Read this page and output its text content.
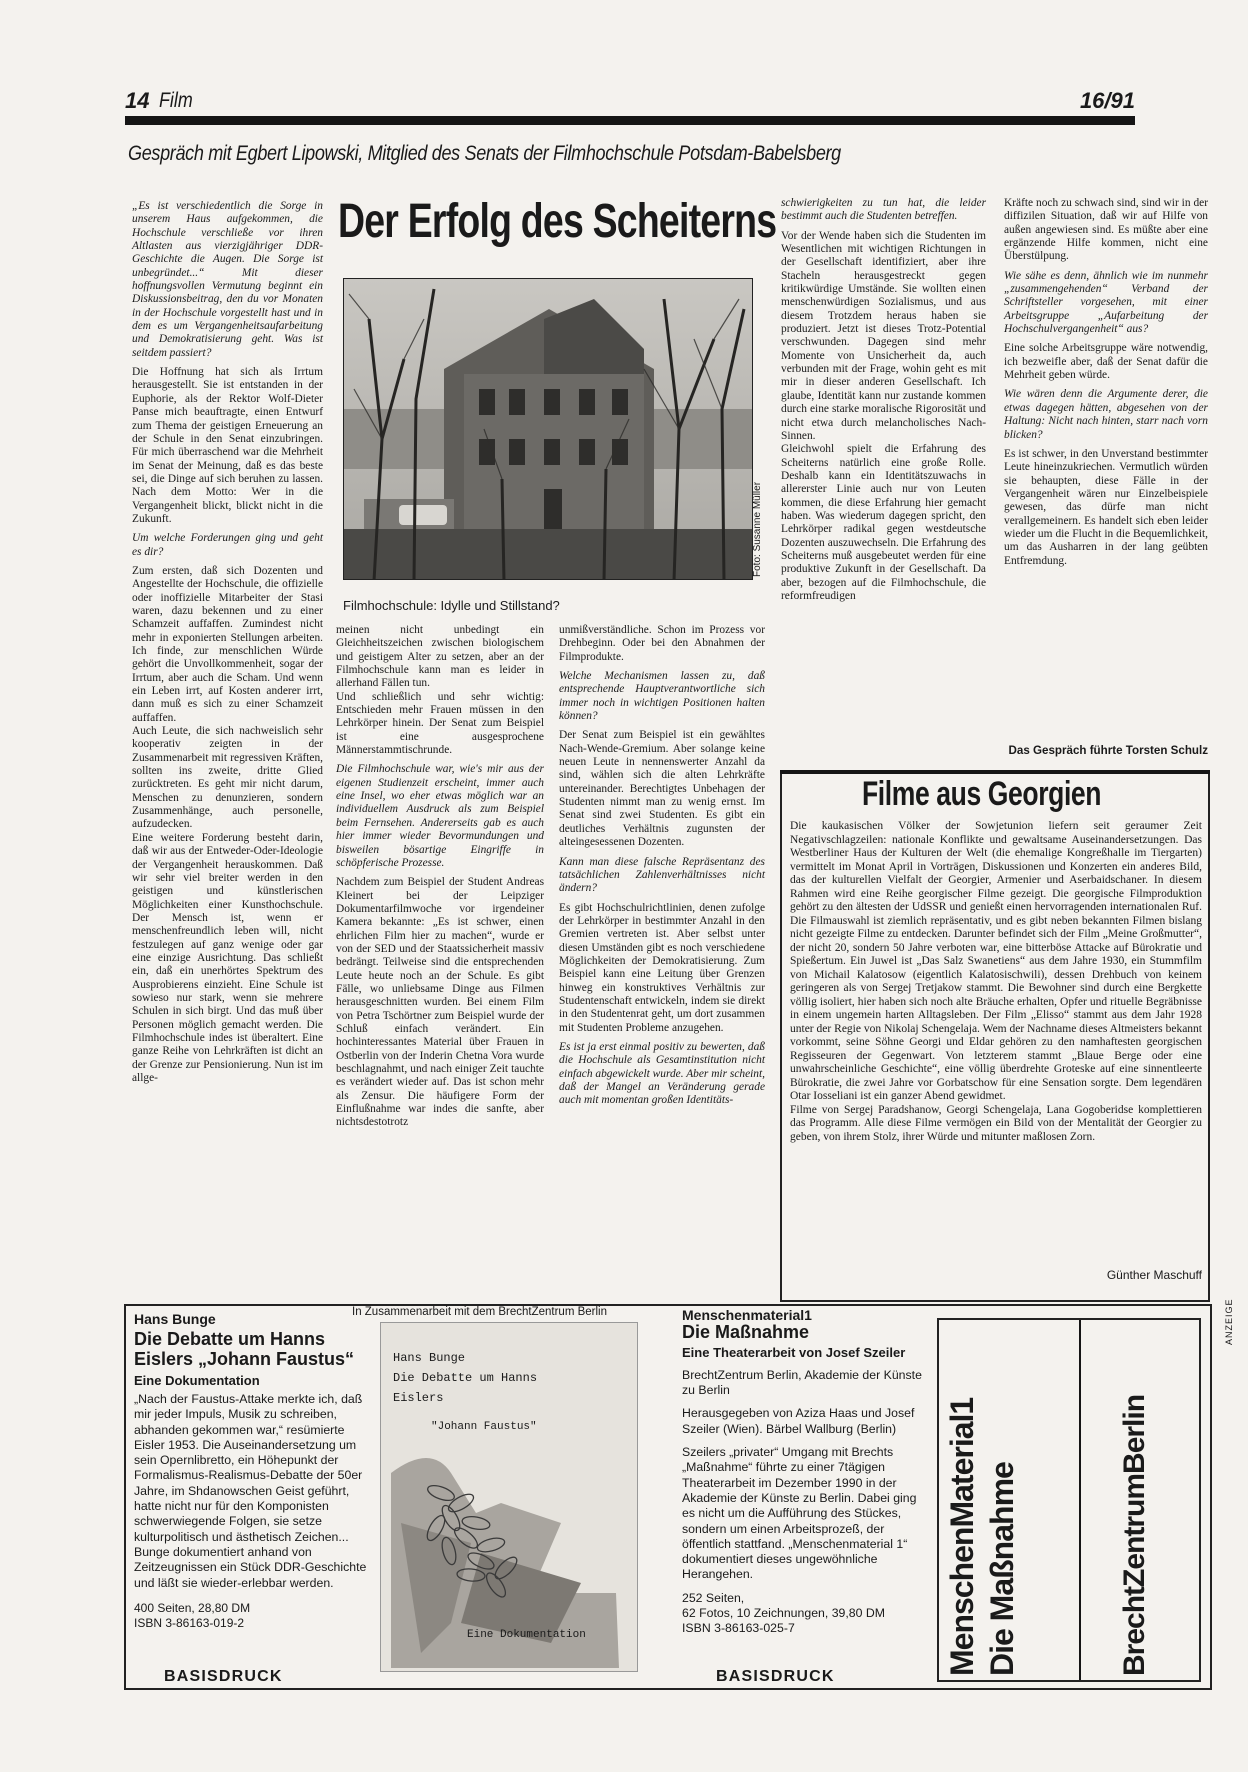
14 Film	16/91
Gespräch mit Egbert Lipowski, Mitglied des Senats der Filmhochschule Potsdam-Babelsberg
Der Erfolg des Scheiterns

„Es ist verschiedentlich die Sorge in unserem Haus aufgekommen, die Hochschule verschließe vor ihren Altlasten aus vierzigjähriger DDR-Geschichte die Augen. Die Sorge ist unbegründet...“ Mit dieser hoffnungsvollen Vermutung beginnt ein Diskussionsbeitrag, den du vor Monaten in der Hochschule vorgestellt hast und in dem es um Vergangenheitsaufarbeitung und Demokratisierung geht. Was ist seitdem passiert?

Die Hoffnung hat sich als Irrtum herausgestellt. Sie ist entstanden in der Euphorie, als der Rektor Wolf-Dieter Panse mich beauftragte, einen Entwurf zum Thema der geistigen Erneuerung an der Schule in den Senat einzubringen. Für mich überraschend war die Mehrheit im Senat der Meinung, daß es das beste sei, die Dinge auf sich beruhen zu lassen. Nach dem Motto: Wer in die Vergangenheit blickt, blickt nicht in die Zukunft.

Um welche Forderungen ging und geht es dir?

Zum ersten, daß sich Dozenten und Angestellte der Hochschule, die offizielle oder inoffizielle Mitarbeiter der Stasi waren, dazu bekennen und zu einer Schamzeit auffaffen. Zumindest nicht mehr in exponierten Stellungen arbeiten. Ich finde, zur menschlichen Würde gehört die Unvollkommenheit, sogar der Irrtum, aber auch die Scham. Und wenn ein Leben irrt, auf Kosten anderer irrt, dann muß es sich zu einer Schamzeit auffaffen.

Auch Leute, die sich nachweislich sehr kooperativ zeigten in der Zusammenarbeit mit regressiven Kräften, sollten ins zweite, dritte Glied zurücktreten. Es geht mir nicht darum, Menschen zu denunzieren, sondern Zusammenhänge, auch personelle, aufzudecken.

Eine weitere Forderung besteht darin, daß wir aus der Entweder-Oder-Ideologie der Vergangenheit herauskommen. Daß wir sehr viel breiter werden in den geistigen und künstlerischen Möglichkeiten einer Kunsthochschule. Der Mensch ist, wenn er menschenfreundlich leben will, nicht festzulegen auf ganz wenige oder gar eine einzige Ausrichtung. Das schließt ein, daß ein unerhörtes Spektrum des Ausprobierens einzieht. Eine Schule ist sowieso nur stark, wenn sie mehrere Schulen in sich birgt. Und das muß über Personen möglich gemacht werden. Die Filmhochschule indes ist überaltert. Eine ganze Reihe von Lehrkräften ist dicht an der Grenze zur Pensionierung. Nun ist im allge-

Foto: Susanne Müller
Filmhochschule: Idylle und Stillstand?

meinen nicht unbedingt ein Gleichheitszeichen zwischen biologischem und geistigem Alter zu setzen, aber an der Filmhochschule kann man es leider in allerhand Fällen tun.

Und schließlich und sehr wichtig: Entschieden mehr Frauen müssen in den Lehrkörper hinein. Der Senat zum Beispiel ist eine ausgesprochene Männerstammtischrunde.

Die Filmhochschule war, wie's mir aus der eigenen Studienzeit erscheint, immer auch eine Insel, wo eher etwas möglich war an individuellem Ausdruck als zum Beispiel beim Fernsehen. Andererseits gab es auch hier immer wieder Bevormundungen und bisweilen bösartige Eingriffe in schöpferische Prozesse.

Nachdem zum Beispiel der Student Andreas Kleinert bei der Leipziger Dokumentarfilmwoche vor irgendeiner Kamera bekannte: „Es ist schwer, einen ehrlichen Film hier zu machen“, wurde er von der SED und der Staatssicherheit massiv bedrängt. Teilweise sind die entsprechenden Leute heute noch an der Schule. Es gibt Fälle, wo unliebsame Dinge aus Filmen herausgeschnitten wurden. Bei einem Film von Petra Tschörtner zum Beispiel wurde der Schluß einfach verändert. Ein hochinteressantes Material über Frauen in Ostberlin von der Inderin Chetna Vora wurde beschlagnahmt, und nach einiger Zeit tauchte es verändert wieder auf. Das ist schon mehr als Zensur. Die häufigere Form der Einflußnahme war indes die sanfte, aber nichtsdestotrotz

unmißverständliche. Schon im Prozess vor Drehbeginn. Oder bei den Abnahmen der Filmprodukte.

Welche Mechanismen lassen zu, daß entsprechende Hauptverantwortliche sich immer noch in wichtigen Positionen halten können?

Der Senat zum Beispiel ist ein gewähltes Nach-Wende-Gremium. Aber solange keine neuen Leute in nennenswerter Anzahl da sind, wählen sich die alten Lehrkräfte untereinander. Berechtigtes Unbehagen der Studenten nimmt man zu wenig ernst. Im Senat sind zwei Studenten. Es gibt ein deutliches Verhältnis zugunsten der alteingesessenen Dozenten.

Kann man diese falsche Repräsentanz des tatsächlichen Zahlenverhältnisses nicht ändern?

Es gibt Hochschulrichtlinien, denen zufolge der Lehrkörper in bestimmter Anzahl in den Gremien vertreten ist. Aber selbst unter diesen Umständen gibt es noch verschiedene Möglichkeiten der Demokratisierung. Zum Beispiel kann eine Leitung über Grenzen hinweg ein konstruktives Verhältnis zur Studentenschaft entwickeln, indem sie direkt in den Studentenrat geht, um dort zusammen mit Studenten Probleme anzugehen.

Es ist ja erst einmal positiv zu bewerten, daß die Hochschule als Gesamtinstitution nicht einfach abgewickelt wurde. Aber mir scheint, daß der Mangel an Veränderung gerade auch mit momentan großen Identitäts-

schwierigkeiten zu tun hat, die leider bestimmt auch die Studenten betreffen.

Vor der Wende haben sich die Studenten im Wesentlichen mit wichtigen Richtungen in der Gesellschaft identifiziert, aber ihre Stacheln herausgestreckt gegen kritikwürdige Umstände. Sie wollten einen menschenwürdigen Sozialismus, und aus diesem Trotzdem heraus haben sie produziert. Jetzt ist dieses Trotz-Potential verschwunden. Dagegen sind mehr Momente von Unsicherheit da, auch verbunden mit der Frage, wohin geht es mit mir in dieser anderen Gesellschaft. Ich glaube, Identität kann nur zustande kommen durch eine starke moralische Rigorosität und nicht etwa durch melancholisches Nach-Sinnen.

Gleichwohl spielt die Erfahrung des Scheiterns natürlich eine große Rolle. Deshalb kann ein Identitätszuwachs in allererster Linie auch nur von Leuten kommen, die diese Erfahrung hier gemacht haben. Was wiederum dagegen spricht, den Lehrkörper radikal gegen westdeutsche Dozenten auszuwechseln. Die Erfahrung des Scheiterns muß ausgebeutet werden für eine produktive Zukunft in der Gesellschaft. Da aber, bezogen auf die Filmhochschule, die reformfreudigen

Kräfte noch zu schwach sind, sind wir in der diffizilen Situation, daß wir auf Hilfe von außen angewiesen sind. Es müßte aber eine ergänzende Hilfe kommen, nicht eine Überstülpung.

Wie sähe es denn, ähnlich wie im nunmehr „zusammengehenden“ Verband der Schriftsteller vorgesehen, mit einer Arbeitsgruppe „Aufarbeitung der Hochschulvergangenheit“ aus?

Eine solche Arbeitsgruppe wäre notwendig, ich bezweifle aber, daß der Senat dafür die Mehrheit geben würde.

Wie wären denn die Argumente derer, die etwas dagegen hätten, abgesehen von der Haltung: Nicht nach hinten, starr nach vorn blicken?

Es ist schwer, in den Unverstand bestimmter Leute hineinzukriechen. Vermutlich würden sie behaupten, diese Fälle in der Vergangenheit wären nur Einzelbeispiele gewesen, das dürfe man nicht verallgemeinern. Es handelt sich eben leider wieder um die Flucht in die Bequemlichkeit, um das Ausharren in der lang geübten Entfremdung.

Das Gespräch führte Torsten Schulz
Filme aus Georgien

Die kaukasischen Völker der Sowjetunion liefern seit geraumer Zeit Negativschlagzeilen: nationale Konflikte und gewaltsame Auseinandersetzungen. Das Westberliner Haus der Kulturen der Welt (die ehemalige Kongreßhalle im Tiergarten) vermittelt im Monat April in Vorträgen, Diskussionen und Konzerten ein anderes Bild, das der kulturellen Vielfalt der Georgier, Armenier und Aserbaidschaner. In diesem Rahmen wird eine Reihe georgischer Filme gezeigt. Die georgische Filmproduktion gehört zu den ältesten der UdSSR und genießt einen hervorragenden internationalen Ruf. Die Filmauswahl ist ziemlich repräsentativ, und es gibt neben bekannten Filmen bislang nicht gezeigte Filme zu entdecken. Darunter befindet sich der Film „Meine Großmutter“, der nicht 20, sondern 50 Jahre verboten war, eine bitterböse Attacke auf Bürokratie und Spießertum. Ein Juwel ist „Das Salz Swanetiens“ aus dem Jahre 1930, ein Stummfilm von Michail Kalatosow (eigentlich Kalatosischwili), dessen Drehbuch von keinem geringeren als von Sergej Tretjakow stammt. Die Bewohner sind durch eine Bergkette völlig isoliert, hier haben sich noch alte Bräuche erhalten, Opfer und rituelle Begräbnisse in einem ungemein harten Alltagsleben. Der Film „Elisso“ stammt aus dem Jahr 1928 unter der Regie von Nikolaj Schengelaja. Wem der Nachname dieses Altmeisters bekannt vorkommt, seine Söhne Georgi und Eldar gehören zu den namhaftesten georgischen Regisseuren der Gegenwart. Von letzterem stammt „Blaue Berge oder eine unwahrscheinliche Geschichte“, eine völlig überdrehte Groteske auf eine sinnentleerte Bürokratie, die zwei Jahre vor Gorbatschow für eine Sensation sorgte. Dem legendären Otar Iosseliani ist ein ganzer Abend gewidmet.

Filme von Sergej Paradshanow, Georgi Schengelaja, Lana Gogoberidse komplettieren das Programm. Alle diese Filme vermögen ein Bild von der Mentalität der Georgier zu geben, von ihrem Stolz, ihrer Würde und mitunter maßlosen Zorn.

Günther Maschuff
ANZEIGE
Hans Bunge
Die Debatte um Hanns Eislers „Johann Faustus“
Eine Dokumentation
„Nach der Faustus-Attake merkte ich, daß mir jeder Impuls, Musik zu schreiben, abhanden gekommen war,“ resümierte Eisler 1953. Die Auseinandersetzung um sein Opernlibretto, ein Höhepunkt der Formalismus-Realismus-Debatte der 50er Jahre, im Shdanowschen Geist geführt, hatte nicht nur für den Komponisten schwerwiegende Folgen, sie setze kulturpolitisch und ästhetisch Zeichen... Bunge dokumentiert anhand von Zeitzeugnissen ein Stück DDR-Geschichte und läßt sie wieder-erlebbar werden.
400 Seiten, 28,80 DM
ISBN 3-86163-019-2
BASISDRUCK
In Zusammenarbeit mit dem BrechtZentrum Berlin
Hans Bunge
Die Debatte um Hanns
Eislers
"Johann Faustus"
Eine Dokumentation
Menschenmaterial1
Die Maßnahme
Eine Theaterarbeit von Josef Szeiler
BrechtZentrum Berlin, Akademie der Künste zu Berlin
Herausgegeben von Aziza Haas und Josef Szeiler (Wien). Bärbel Wallburg (Berlin)
Szeilers „privater“ Umgang mit Brechts „Maßnahme“ führte zu einer 7tägigen Theaterarbeit im Dezember 1990 in der Akademie der Künste zu Berlin. Dabei ging es nicht um die Aufführung des Stückes, sondern um einen Arbeitsprozeß, der öffentlich stattfand. „Menschenmaterial 1“ dokumentiert dieses ungewöhnliche Herangehen.
252 Seiten,
62 Fotos, 10 Zeichnungen, 39,80 DM
ISBN 3-86163-025-7
BASISDRUCK
MenschenMaterial1 Die Maßnahme	BrechtZentrumBerlin
